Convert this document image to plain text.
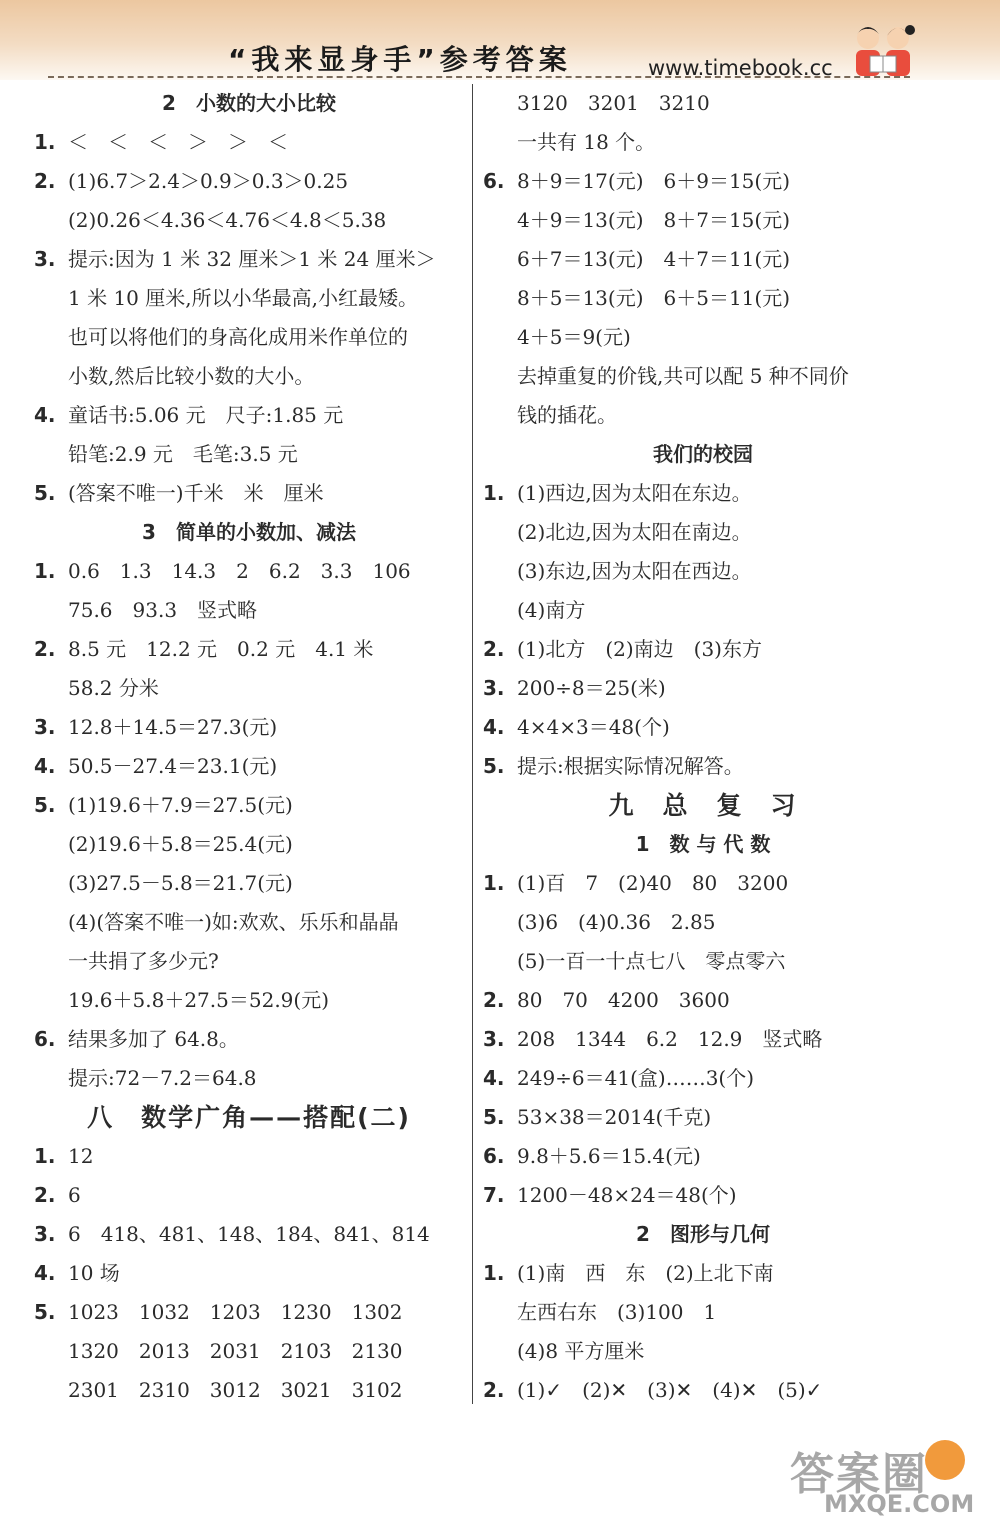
“我来显身手”参考答案	www.timebook.cc
2　小数的大小比较
1. ＜　＜　＜　＞　＞　＜
2. (1)6.7＞2.4＞0.9＞0.3＞0.25
(2)0.26＜4.36＜4.76＜4.8＜5.38
3. 提示:因为 1 米 32 厘米＞1 米 24 厘米＞
1 米 10 厘米,所以小华最高,小红最矮。
也可以将他们的身高化成用米作单位的
小数,然后比较小数的大小。
4. 童话书:5.06 元　尺子:1.85 元
铅笔:2.9 元　毛笔:3.5 元
5. (答案不唯一)千米　米　厘米
3　简单的小数加、减法
1. 0.6　1.3　14.3　2　6.2　3.3　106
75.6　93.3　竖式略
2. 8.5 元　12.2 元　0.2 元　4.1 米
58.2 分米
3. 12.8＋14.5＝27.3(元)
4. 50.5－27.4＝23.1(元)
5. (1)19.6＋7.9＝27.5(元)
(2)19.6＋5.8＝25.4(元)
(3)27.5－5.8＝21.7(元)
(4)(答案不唯一)如:欢欢、乐乐和晶晶
一共捐了多少元?
19.6＋5.8＋27.5＝52.9(元)
6. 结果多加了 64.8。
提示:72－7.2＝64.8
八　数学广角——搭配(二)
1. 12
2. 6
3. 6　418、481、148、184、841、814
4. 10 场
5. 1023　1032　1203　1230　1302
1320　2013　2031　2103　2130
2301　2310　3012　3021　3102
3120　3201　3210
一共有 18 个。
6. 8＋9＝17(元)　6＋9＝15(元)
4＋9＝13(元)　8＋7＝15(元)
6＋7＝13(元)　4＋7＝11(元)
8＋5＝13(元)　6＋5＝11(元)
4＋5＝9(元)
去掉重复的价钱,共可以配 5 种不同价
钱的插花。
我们的校园
1. (1)西边,因为太阳在东边。
(2)北边,因为太阳在南边。
(3)东边,因为太阳在西边。
(4)南方
2. (1)北方　(2)南边　(3)东方
3. 200÷8＝25(米)
4. 4×4×3＝48(个)
5. 提示:根据实际情况解答。
九　总　复　习
1　数 与 代 数
1. (1)百　7　(2)40　80　3200
(3)6　(4)0.36　2.85
(5)一百一十点七八　零点零六
2. 80　70　4200　3600
3. 208　1344　6.2　12.9　竖式略
4. 249÷6＝41(盒)……3(个)
5. 53×38＝2014(千克)
6. 9.8＋5.6＝15.4(元)
7. 1200－48×24＝48(个)
2　图形与几何
1. (1)南　西　东　(2)上北下南
左西右东　(3)100　1
(4)8 平方厘米
2. (1)✓　(2)✕　(3)✕　(4)✕　(5)✓
答案圈
MXQE.COM
